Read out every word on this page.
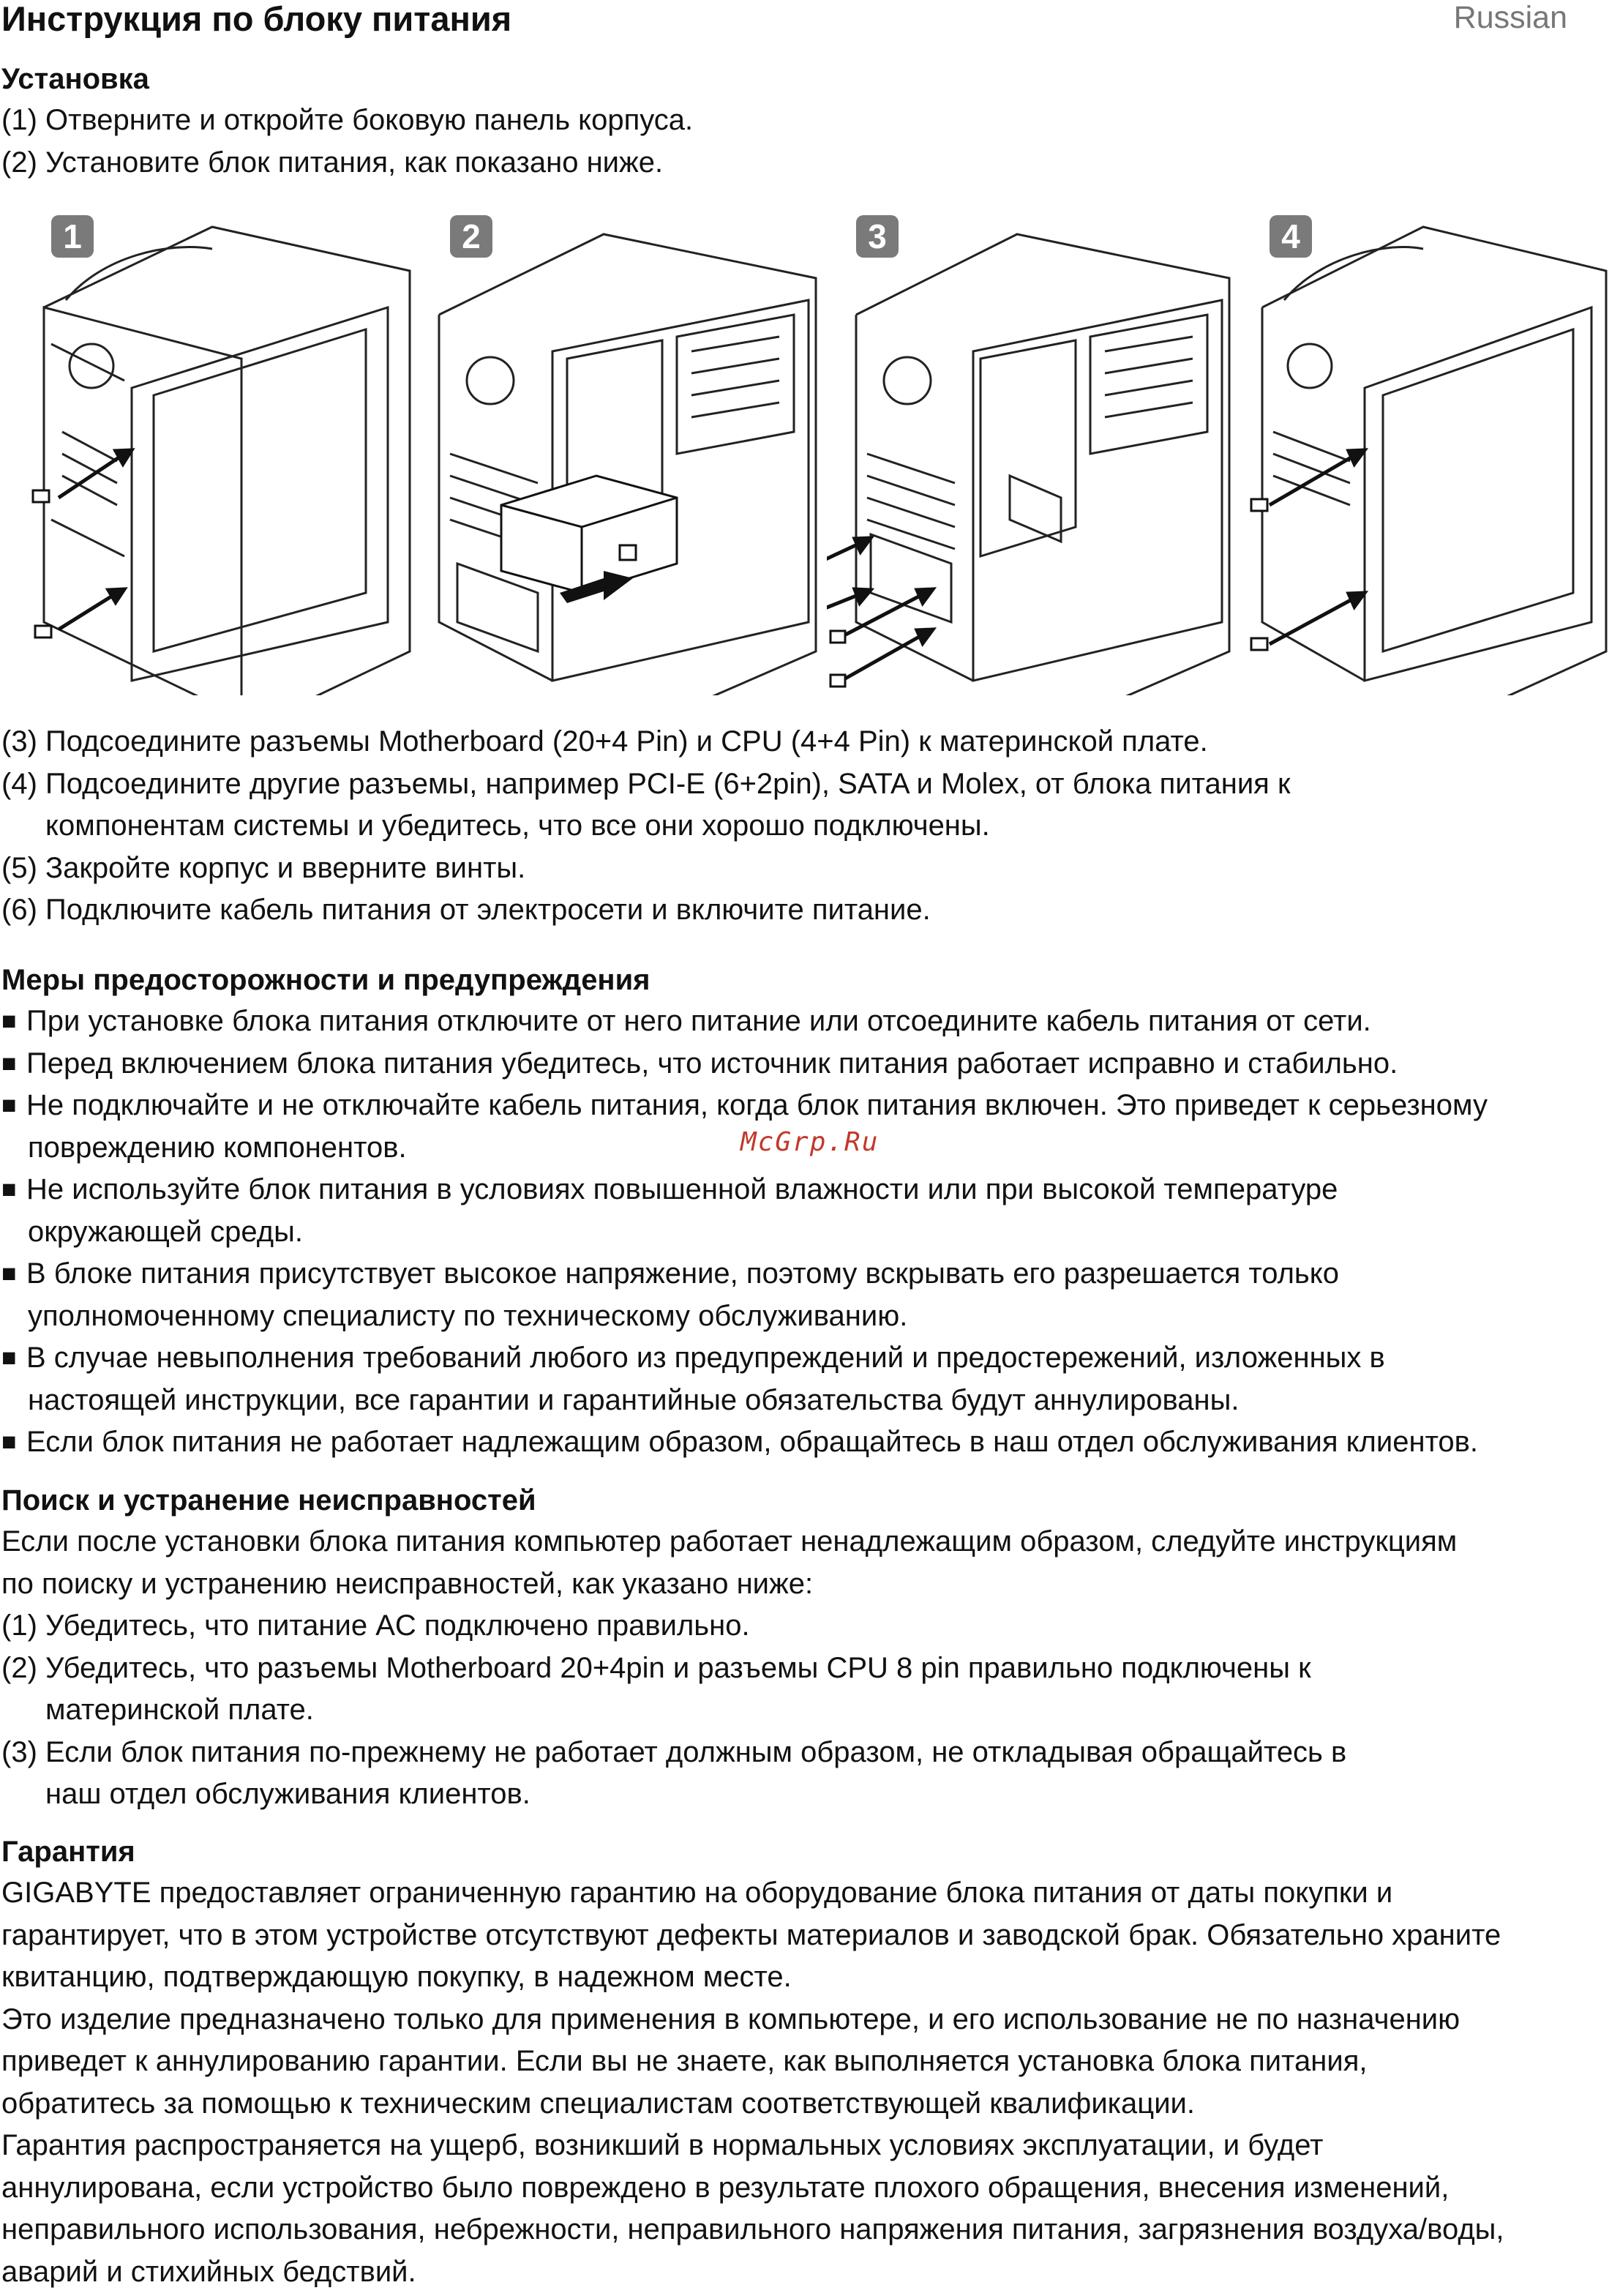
Инструкция по блоку питания	Russian
Установка

(1) Отверните и откройте боковую панель корпуса.

(2) Установите блок питания, как показано ниже.

1	2	3	4

(3) Подсоедините разъемы Motherboard (20+4 Pin) и CPU (4+4 Pin) к материнской плате.

(4) Подсоедините другие разъемы, например PCI-E (6+2pin), SATA и Molex, от блока питания к

компонентам системы и убедитесь, что все они хорошо подключены.

(5) Закройте корпус и вверните винты.

(6) Подключите кабель питания от электросети и включите питание.

Меры предосторожности и предупреждения

■ При установке блока питания отключите от него питание или отсоедините кабель питания от сети.

■ Перед включением блока питания убедитесь, что источник питания работает исправно и стабильно.

■ Не подключайте и не отключайте кабель питания, когда блок питания включен. Это приведет к серьезному

повреждению компонентов.

■ Не используйте блок питания в условиях повышенной влажности или при высокой температуре

окружающей среды.

■ В блоке питания присутствует высокое напряжение, поэтому вскрывать его разрешается только

уполномоченному специалисту по техническому обслуживанию.

■ В случае невыполнения требований любого из предупреждений и предостережений, изложенных в

настоящей инструкции, все гарантии и гарантийные обязательства будут аннулированы.

■ Если блок питания не работает надлежащим образом, обращайтесь в наш отдел обслуживания клиентов.

McGrp.Ru
Поиск и устранение неисправностей

Если после установки блока питания компьютер работает ненадлежащим образом, следуйте инструкциям

по поиску и устранению неисправностей, как указано ниже:

(1) Убедитесь, что питание AC подключено правильно.

(2) Убедитесь, что разъемы Motherboard 20+4pin и разъемы CPU 8 pin правильно подключены к

материнской плате.

(3) Если блок питания по-прежнему не работает должным образом, не откладывая обращайтесь в

наш отдел обслуживания клиентов.

Гарантия

GIGABYTE предоставляет ограниченную гарантию на оборудование блока питания от даты покупки и

гарантирует, что в этом устройстве отсутствуют дефекты материалов и заводской брак. Обязательно храните

квитанцию, подтверждающую покупку, в надежном месте.

Это изделие предназначено только для применения в компьютере, и его использование не по назначению

приведет к аннулированию гарантии. Если вы не знаете, как выполняется установка блока питания,

обратитесь за помощью к техническим специалистам соответствующей квалификации.

Гарантия распространяется на ущерб, возникший в нормальных условиях эксплуатации, и будет

аннулирована, если устройство было повреждено в результате плохого обращения, внесения изменений,

неправильного использования, небрежности, неправильного напряжения питания, загрязнения воздуха/воды,

аварий и стихийных бедствий.
